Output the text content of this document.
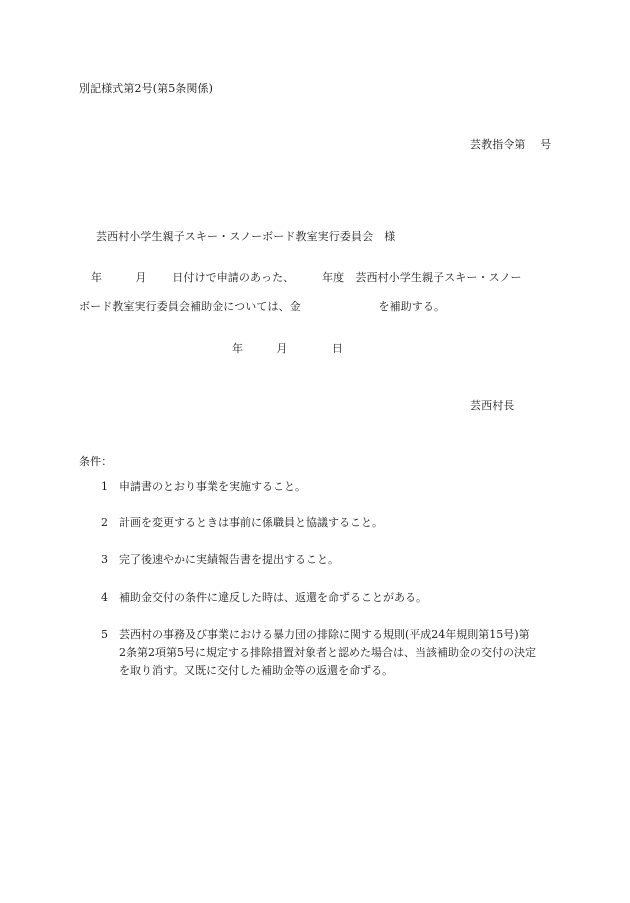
別記様式第2号(第5条関係)
芸教指令第　 号
芸西村小学生親子スキー・スノーボード教室実行委員会　様
年　　　月　　 日付けで申請のあった、　　　年度　芸西村小学生親子スキー・スノー
ボード教室実行委員会補助金については、金　　　　　　　を補助する。
年　　　月　　　　日
芸西村長
条件：
1 申請書のとおり事業を実施すること。
2 計画を変更するときは事前に係職員と協議すること。
3 完了後速やかに実績報告書を提出すること。
4 補助金交付の条件に違反した時は、返還を命ずることがある。
5 芸西村の事務及び事業における暴力団の排除に関する規則(平成24年規則第15号)第
2条第2項第5号に規定する排除措置対象者と認めた場合は、当該補助金の交付の決定
を取り消す。又既に交付した補助金等の返還を命ずる。
